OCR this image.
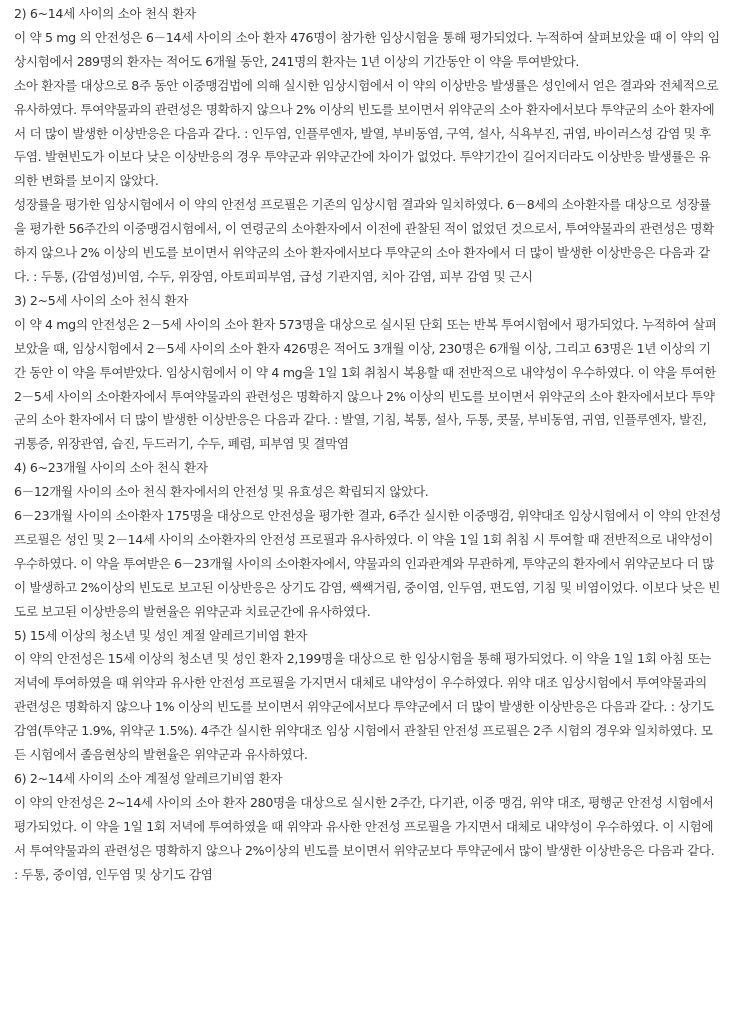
2) 6~14세 사이의 소아 천식 환자

이 약 5 mg 의 안전성은 6－14세 사이의 소아 환자 476명이 참가한 임상시험을 통해 평가되었다. 누적하여 살펴보았을 때 이 약의 임상시험에서 289명의 환자는 적어도 6개월 동안, 241명의 환자는 1년 이상의 기간동안 이 약을 투여받았다.

소아 환자를 대상으로 8주 동안 이중맹검법에 의해 실시한 임상시험에서 이 약의 이상반응 발생률은 성인에서 얻은 결과와 전체적으로 유사하였다. 투여약물과의 관련성은 명확하지 않으나 2% 이상의 빈도를 보이면서 위약군의 소아 환자에서보다 투약군의 소아 환자에서 더 많이 발생한 이상반응은 다음과 같다. : 인두염, 인플루엔자, 발열, 부비동염, 구역, 설사, 식욕부진, 귀염, 바이러스성 감염 및 후두염. 발현빈도가 이보다 낮은 이상반응의 경우 투약군과 위약군간에 차이가 없었다. 투약기간이 길어지더라도 이상반응 발생률은 유의한 변화를 보이지 않았다.

성장률을 평가한 임상시험에서 이 약의 안전성 프로필은 기존의 임상시험 결과와 일치하였다. 6－8세의 소아환자를 대상으로 성장률을 평가한 56주간의 이중맹검시험에서, 이 연령군의 소아환자에서 이전에 관찰된 적이 없었던 것으로서, 투여약물과의 관련성은 명확하지 않으나 2% 이상의 빈도를 보이면서 위약군의 소아 환자에서보다 투약군의 소아 환자에서 더 많이 발생한 이상반응은 다음과 같다. : 두통, (감염성)비염, 수두, 위장염, 아토피피부염, 급성 기관지염, 치아 감염, 피부 감염 및 근시

3) 2~5세 사이의 소아 천식 환자

이 약 4 mg의 안전성은 2－5세 사이의 소아 환자 573명을 대상으로 실시된 단회 또는 반복 투여시험에서 평가되었다. 누적하여 살펴보았을 때, 임상시험에서 2－5세 사이의 소아 환자 426명은 적어도 3개월 이상, 230명은 6개월 이상, 그리고 63명은 1년 이상의 기간 동안 이 약을 투여받았다. 임상시험에서 이 약 4 mg을 1일 1회 취침시 복용할 때 전반적으로 내약성이 우수하였다. 이 약을 투여한 2－5세 사이의 소아환자에서 투여약물과의 관련성은 명확하지 않으나 2% 이상의 빈도를 보이면서 위약군의 소아 환자에서보다 투약군의 소아 환자에서 더 많이 발생한 이상반응은 다음과 같다. : 발열, 기침, 복통, 설사, 두통, 콧물, 부비동염, 귀염, 인플루엔자, 발진, 귀통증, 위장관염, 습진, 두드러기, 수두, 폐렴, 피부염 및 결막염

4) 6~23개월 사이의 소아 천식 환자

6－12개월 사이의 소아 천식 환자에서의 안전성 및 유효성은 확립되지 않았다.

6－23개월 사이의 소아환자 175명을 대상으로 안전성을 평가한 결과, 6주간 실시한 이중맹검, 위약대조 임상시험에서 이 약의 안전성 프로필은 성인 및 2－14세 사이의 소아환자의 안전성 프로필과 유사하였다. 이 약을 1일 1회 취침 시 투여할 때 전반적으로 내약성이 우수하였다. 이 약을 투여받은 6－23개월 사이의 소아환자에서, 약물과의 인과관계와 무관하게, 투약군의 환자에서 위약군보다 더 많이 발생하고 2%이상의 빈도로 보고된 이상반응은 상기도 감염, 쌕쌕거림, 중이염, 인두염, 편도염, 기침 및 비염이었다. 이보다 낮은 빈도로 보고된 이상반응의 발현율은 위약군과 치료군간에 유사하였다.

5) 15세 이상의 청소년 및 성인 계절 알레르기비염 환자

이 약의 안전성은 15세 이상의 청소년 및 성인 환자 2,199명을 대상으로 한 임상시험을 통해 평가되었다. 이 약을 1일 1회 아침 또는 저녁에 투여하였을 때 위약과 유사한 안전성 프로필을 가지면서 대체로 내약성이 우수하였다. 위약 대조 임상시험에서 투여약물과의 관련성은 명확하지 않으나 1% 이상의 빈도를 보이면서 위약군에서보다 투약군에서 더 많이 발생한 이상반응은 다음과 같다. : 상기도 감염(투약군 1.9%, 위약군 1.5%). 4주간 실시한 위약대조 임상 시험에서 관찰된 안전성 프로필은 2주 시험의 경우와 일치하였다. 모든 시험에서 졸음현상의 발현율은 위약군과 유사하였다.

6) 2~14세 사이의 소아 계절성 알레르기비염 환자

이 약의 안전성은 2~14세 사이의 소아 환자 280명을 대상으로 실시한 2주간, 다기관, 이중 맹검, 위약 대조, 평행군 안전성 시험에서 평가되었다. 이 약을 1일 1회 저녁에 투여하였을 때 위약과 유사한 안전성 프로필을 가지면서 대체로 내약성이 우수하였다. 이 시험에서 투여약물과의 관련성은 명확하지 않으나 2%이상의 빈도를 보이면서 위약군보다 투약군에서 많이 발생한 이상반응은 다음과 같다. : 두통, 중이염, 인두염 및 상기도 감염
